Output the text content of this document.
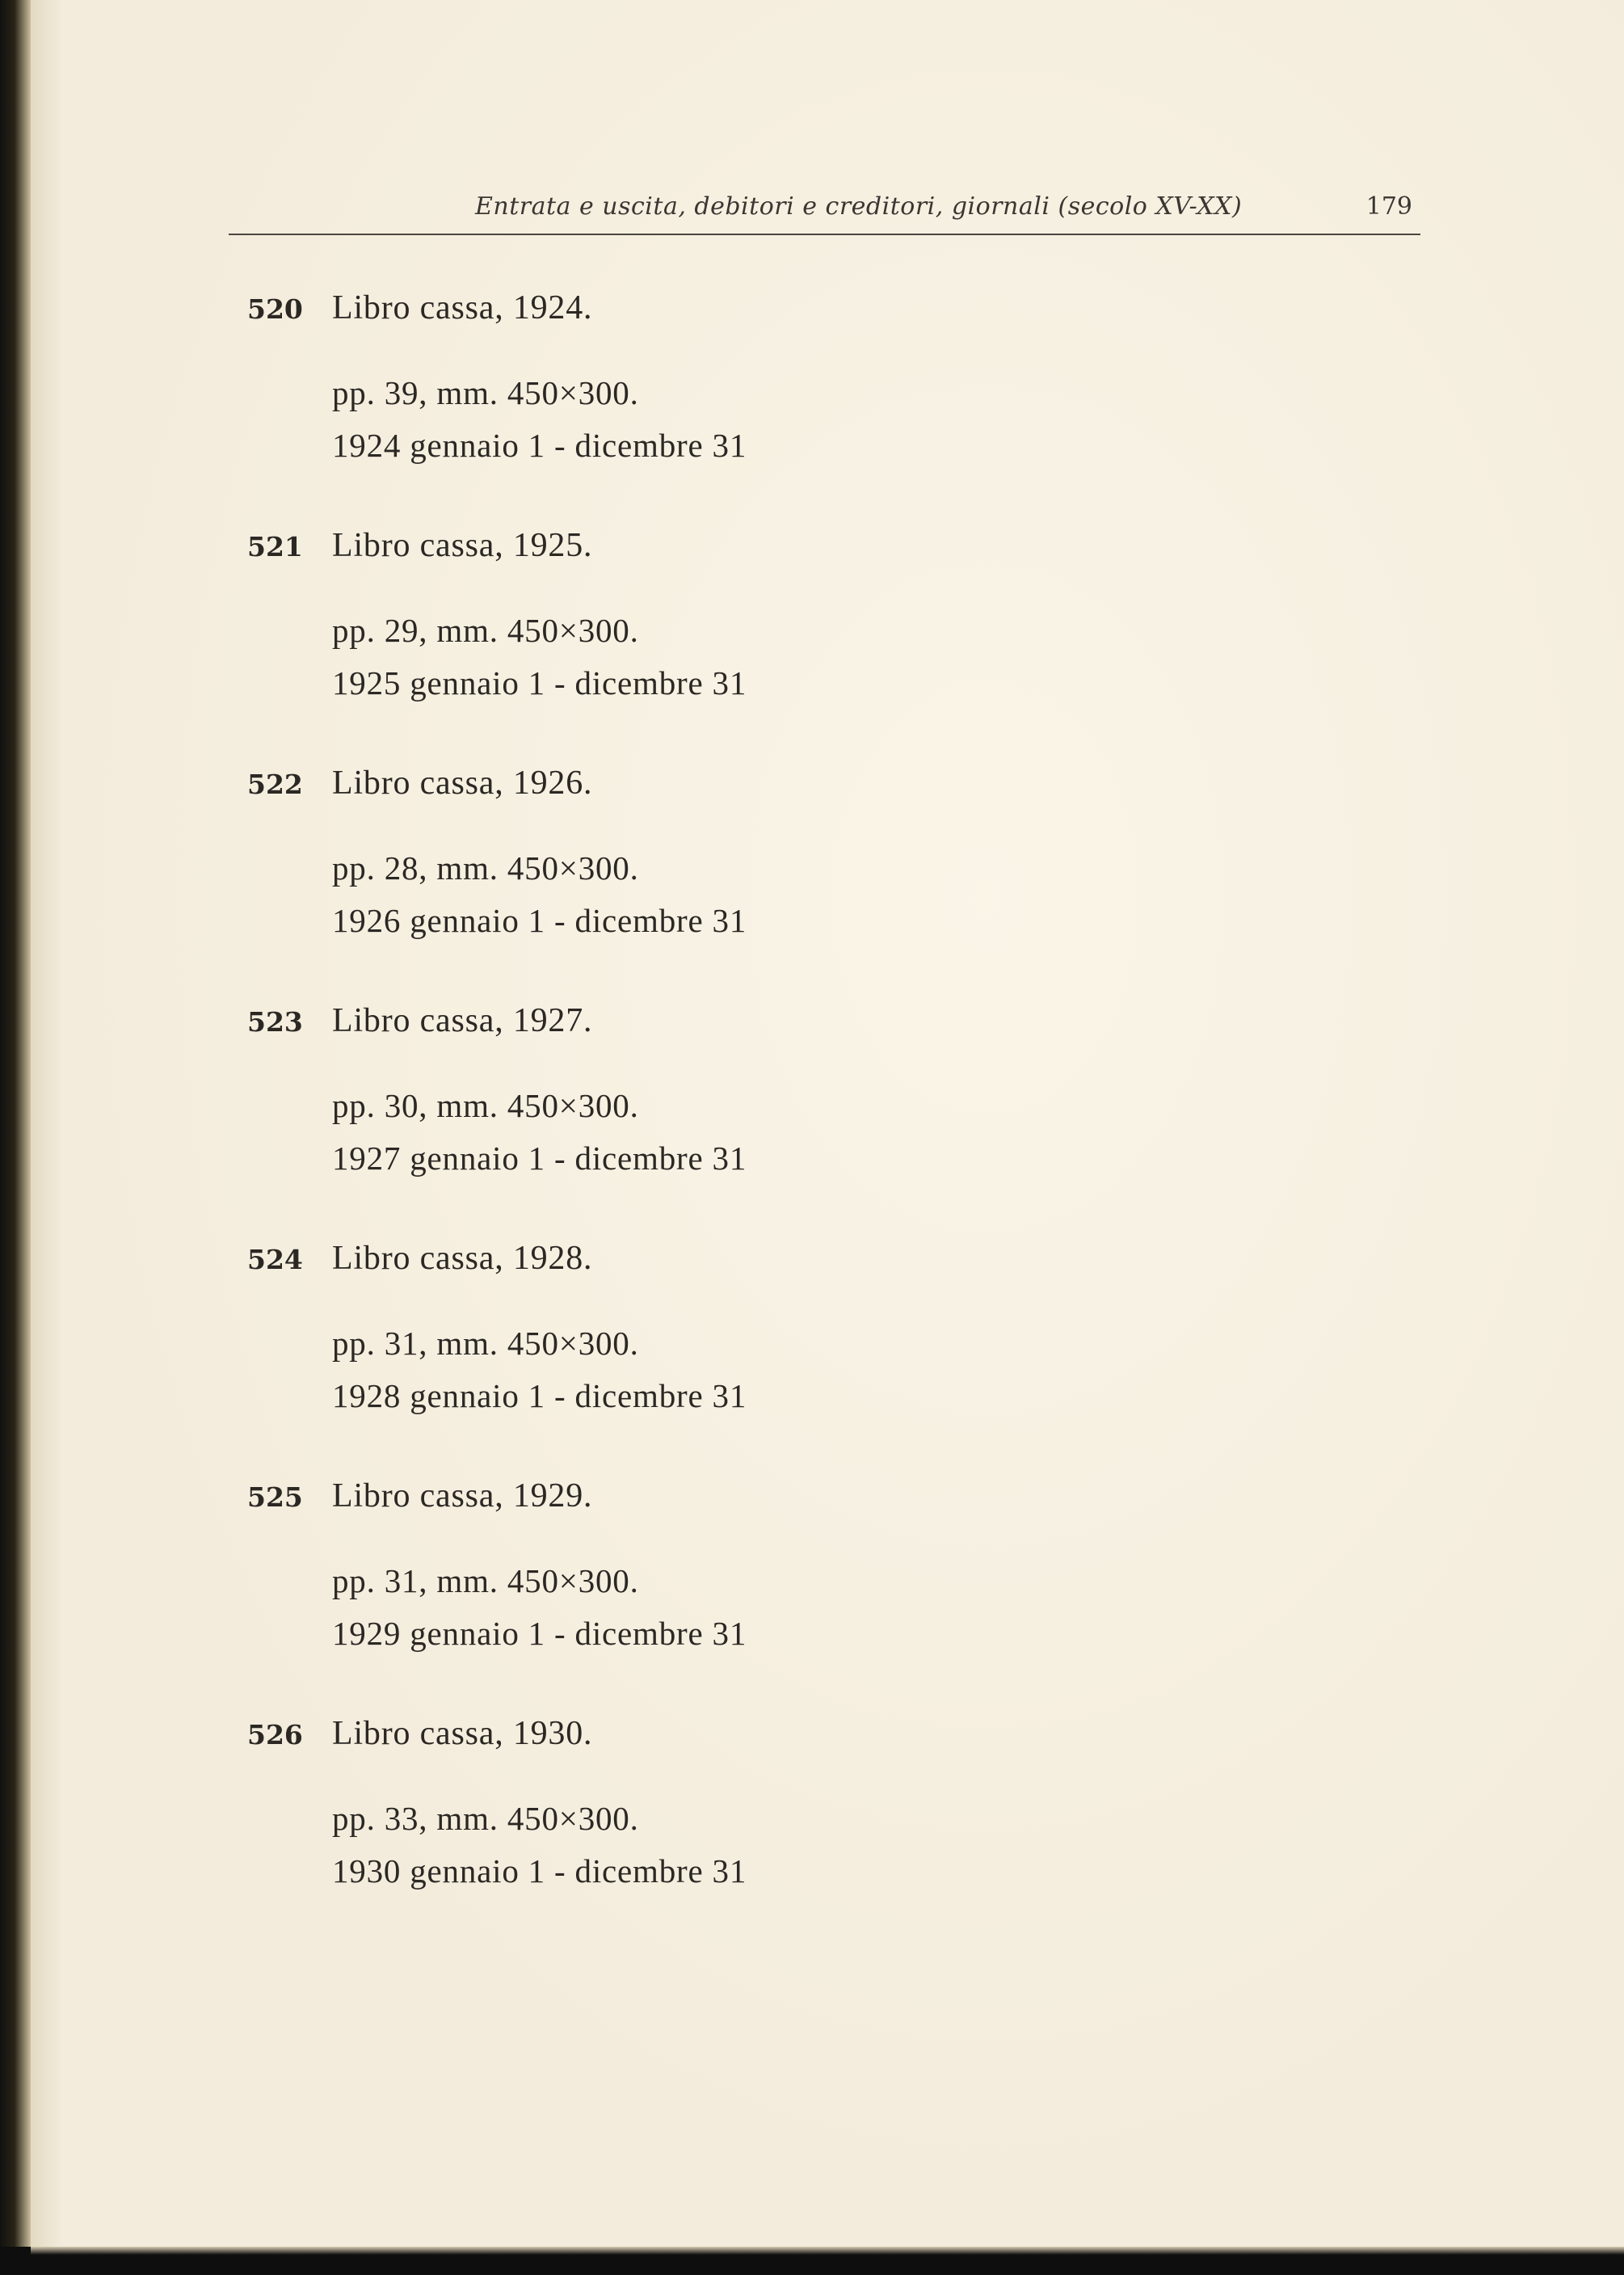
Entrata e uscita, debitori e creditori, giornali (secolo XV-XX)	179
520 Libro cassa, 1924.
pp. 39, mm. 450×300.
1924 gennaio 1 - dicembre 31
521 Libro cassa, 1925.
pp. 29, mm. 450×300.
1925 gennaio 1 - dicembre 31
522 Libro cassa, 1926.
pp. 28, mm. 450×300.
1926 gennaio 1 - dicembre 31
523 Libro cassa, 1927.
pp. 30, mm. 450×300.
1927 gennaio 1 - dicembre 31
524 Libro cassa, 1928.
pp. 31, mm. 450×300.
1928 gennaio 1 - dicembre 31
525 Libro cassa, 1929.
pp. 31, mm. 450×300.
1929 gennaio 1 - dicembre 31
526 Libro cassa, 1930.
pp. 33, mm. 450×300.
1930 gennaio 1 - dicembre 31
